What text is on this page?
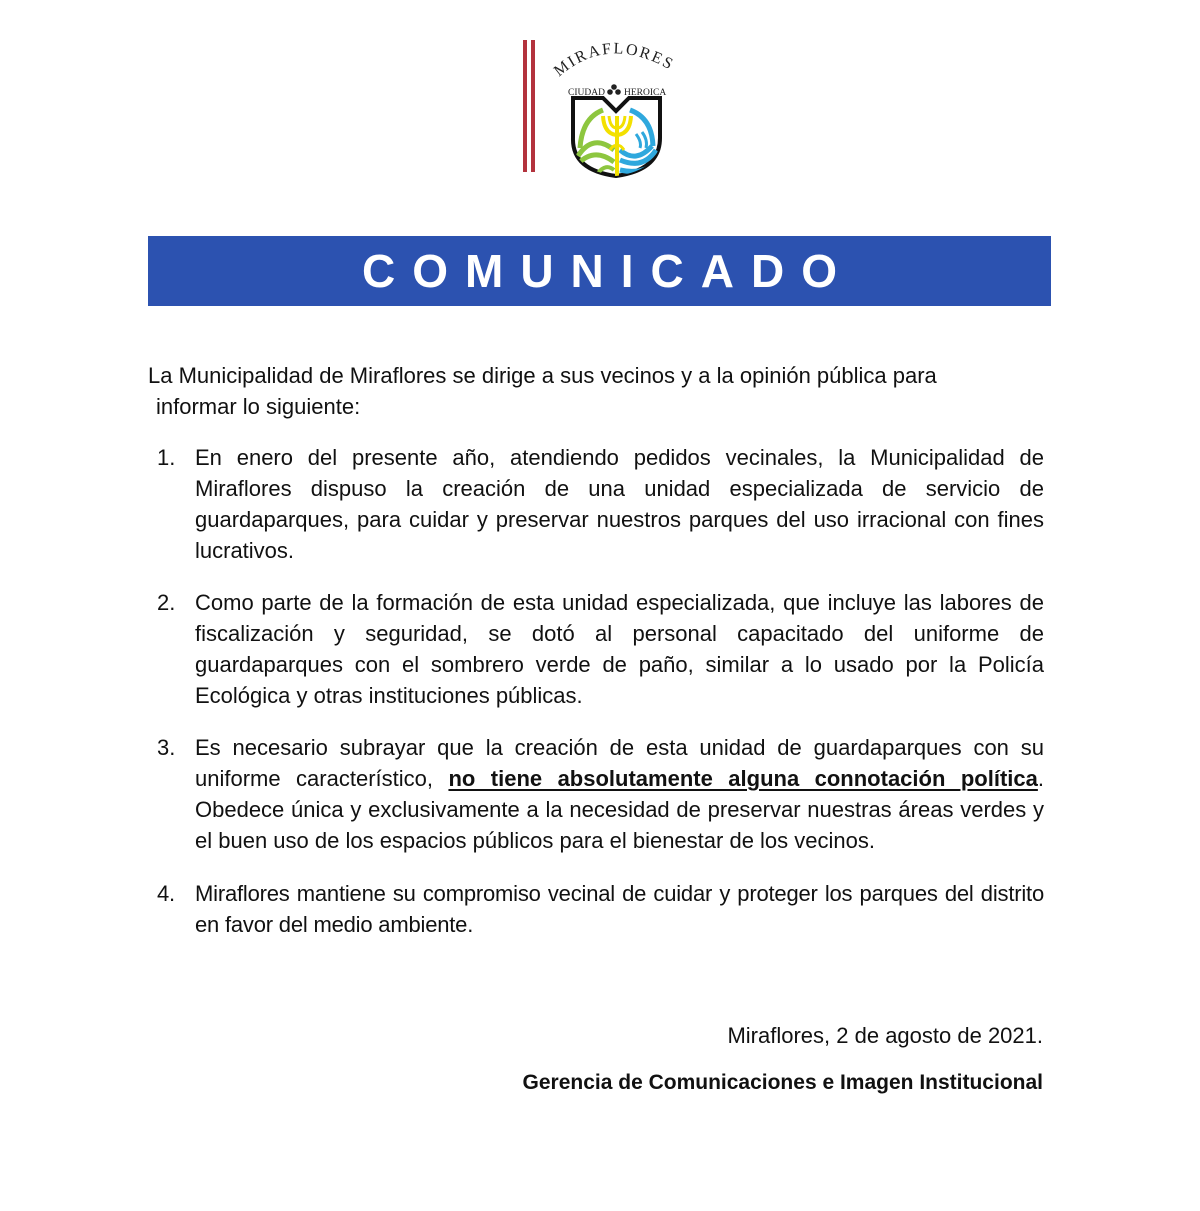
MIRAFLORES
CIUDAD HEROICA
COMUNICADO

La Municipalidad de Miraflores se dirige a sus vecinos y a la opinión pública para
informar lo siguiente:

1. En enero del presente año, atendiendo pedidos vecinales, la Municipalidad de Miraflores dispuso la creación de una unidad especializada de servicio de guardaparques, para cuidar y preservar nuestros parques del uso irracional con fines lucrativos.
2. Como parte de la formación de esta unidad especializada, que incluye las labores de fiscalización y seguridad, se dotó al personal capacitado del uniforme de guardaparques con el sombrero verde de paño, similar a lo usado por la Policía Ecológica y otras instituciones públicas.
3. Es necesario subrayar que la creación de esta unidad de guardaparques con su uniforme característico, no tiene absolutamente alguna connotación política. Obedece única y exclusivamente a la necesidad de preservar nuestras áreas verdes y el buen uso de los espacios públicos para el bienestar de los vecinos.
4. Miraflores mantiene su compromiso vecinal de cuidar y proteger los parques del distrito en favor del medio ambiente.
Miraflores, 2 de agosto de 2021.
Gerencia de Comunicaciones e Imagen Institucional
